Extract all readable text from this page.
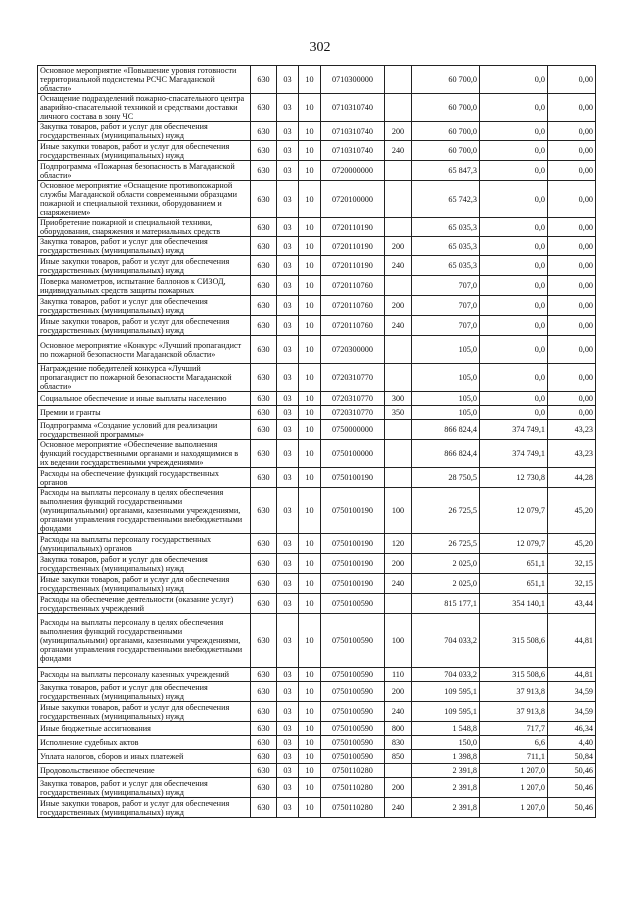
302
Основное мероприятие «Повышение уровня готовности территориальной подсистемы РСЧС Магаданской области»	630	03	10	0710300000		60 700,0	0,0	0,00
Оснащение подразделений пожарно-спасательного центра аварийно-спасательной техникой и средствами доставки личного состава в зону ЧС	630	03	10	0710310740		60 700,0	0,0	0,00
Закупка товаров, работ и услуг для обеспечения государственных (муниципальных) нужд	630	03	10	0710310740	200	60 700,0	0,0	0,00
Иные закупки товаров, работ и услуг для обеспечения государственных (муниципальных) нужд	630	03	10	0710310740	240	60 700,0	0,0	0,00
Подпрограмма «Пожарная безопасность в Магаданской области»	630	03	10	0720000000		65 847,3	0,0	0,00
Основное мероприятие «Оснащение противопожарной службы Магаданской области современными образцами пожарной и специальной техники, оборудованием и снаряжением»	630	03	10	0720100000		65 742,3	0,0	0,00
Приобретение пожарной и специальной техники, оборудования, снаряжения и материальных средств	630	03	10	0720110190		65 035,3	0,0	0,00
Закупка товаров, работ и услуг для обеспечения государственных (муниципальных) нужд	630	03	10	0720110190	200	65 035,3	0,0	0,00
Иные закупки товаров, работ и услуг для обеспечения государственных (муниципальных) нужд	630	03	10	0720110190	240	65 035,3	0,0	0,00
Поверка манометров, испытание баллонов к СИЗОД, индивидуальных средств защиты пожарных	630	03	10	0720110760		707,0	0,0	0,00
Закупка товаров, работ и услуг для обеспечения государственных (муниципальных) нужд	630	03	10	0720110760	200	707,0	0,0	0,00
Иные закупки товаров, работ и услуг для обеспечения государственных (муниципальных) нужд	630	03	10	0720110760	240	707,0	0,0	0,00
Основное мероприятие «Конкурс «Лучший пропагандист по пожарной безопасности Магаданской области»	630	03	10	0720300000		105,0	0,0	0,00
Награждение победителей конкурса «Лучший пропагандист по пожарной безопасности Магаданской области»	630	03	10	0720310770		105,0	0,0	0,00
Социальное обеспечение и иные выплаты населению	630	03	10	0720310770	300	105,0	0,0	0,00
Премии и гранты	630	03	10	0720310770	350	105,0	0,0	0,00
Подпрограмма «Создание условий для реализации государственной программы»	630	03	10	0750000000		866 824,4	374 749,1	43,23
Основное мероприятие «Обеспечение выполнения функций государственными органами и находящимися в их ведении государственными учреждениями»	630	03	10	0750100000		866 824,4	374 749,1	43,23
Расходы на обеспечение функций государственных органов	630	03	10	0750100190		28 750,5	12 730,8	44,28
Расходы на выплаты персоналу в целях обеспечения выполнения функций государственными (муниципальными) органами, казенными учреждениями, органами управления государственными внебюджетными фондами	630	03	10	0750100190	100	26 725,5	12 079,7	45,20
Расходы на выплаты персоналу государственных (муниципальных) органов	630	03	10	0750100190	120	26 725,5	12 079,7	45,20
Закупка товаров, работ и услуг для обеспечения государственных (муниципальных) нужд	630	03	10	0750100190	200	2 025,0	651,1	32,15
Иные закупки товаров, работ и услуг для обеспечения государственных (муниципальных) нужд	630	03	10	0750100190	240	2 025,0	651,1	32,15
Расходы на обеспечение деятельности (оказание услуг) государственных учреждений	630	03	10	0750100590		815 177,1	354 140,1	43,44
Расходы на выплаты персоналу в целях обеспечения выполнения функций государственными (муниципальными) органами, казенными учреждениями, органами управления государственными внебюджетными фондами	630	03	10	0750100590	100	704 033,2	315 508,6	44,81
Расходы на выплаты персоналу казенных учреждений	630	03	10	0750100590	110	704 033,2	315 508,6	44,81
Закупка товаров, работ и услуг для обеспечения государственных (муниципальных) нужд	630	03	10	0750100590	200	109 595,1	37 913,8	34,59
Иные закупки товаров, работ и услуг для обеспечения государственных (муниципальных) нужд	630	03	10	0750100590	240	109 595,1	37 913,8	34,59
Иные бюджетные ассигнования	630	03	10	0750100590	800	1 548,8	717,7	46,34
Исполнение судебных актов	630	03	10	0750100590	830	150,0	6,6	4,40
Уплата налогов, сборов и иных платежей	630	03	10	0750100590	850	1 398,8	711,1	50,84
Продовольственное обеспечение	630	03	10	0750110280		2 391,8	1 207,0	50,46
Закупка товаров, работ и услуг для обеспечения государственных (муниципальных) нужд	630	03	10	0750110280	200	2 391,8	1 207,0	50,46
Иные закупки товаров, работ и услуг для обеспечения государственных (муниципальных) нужд	630	03	10	0750110280	240	2 391,8	1 207,0	50,46
